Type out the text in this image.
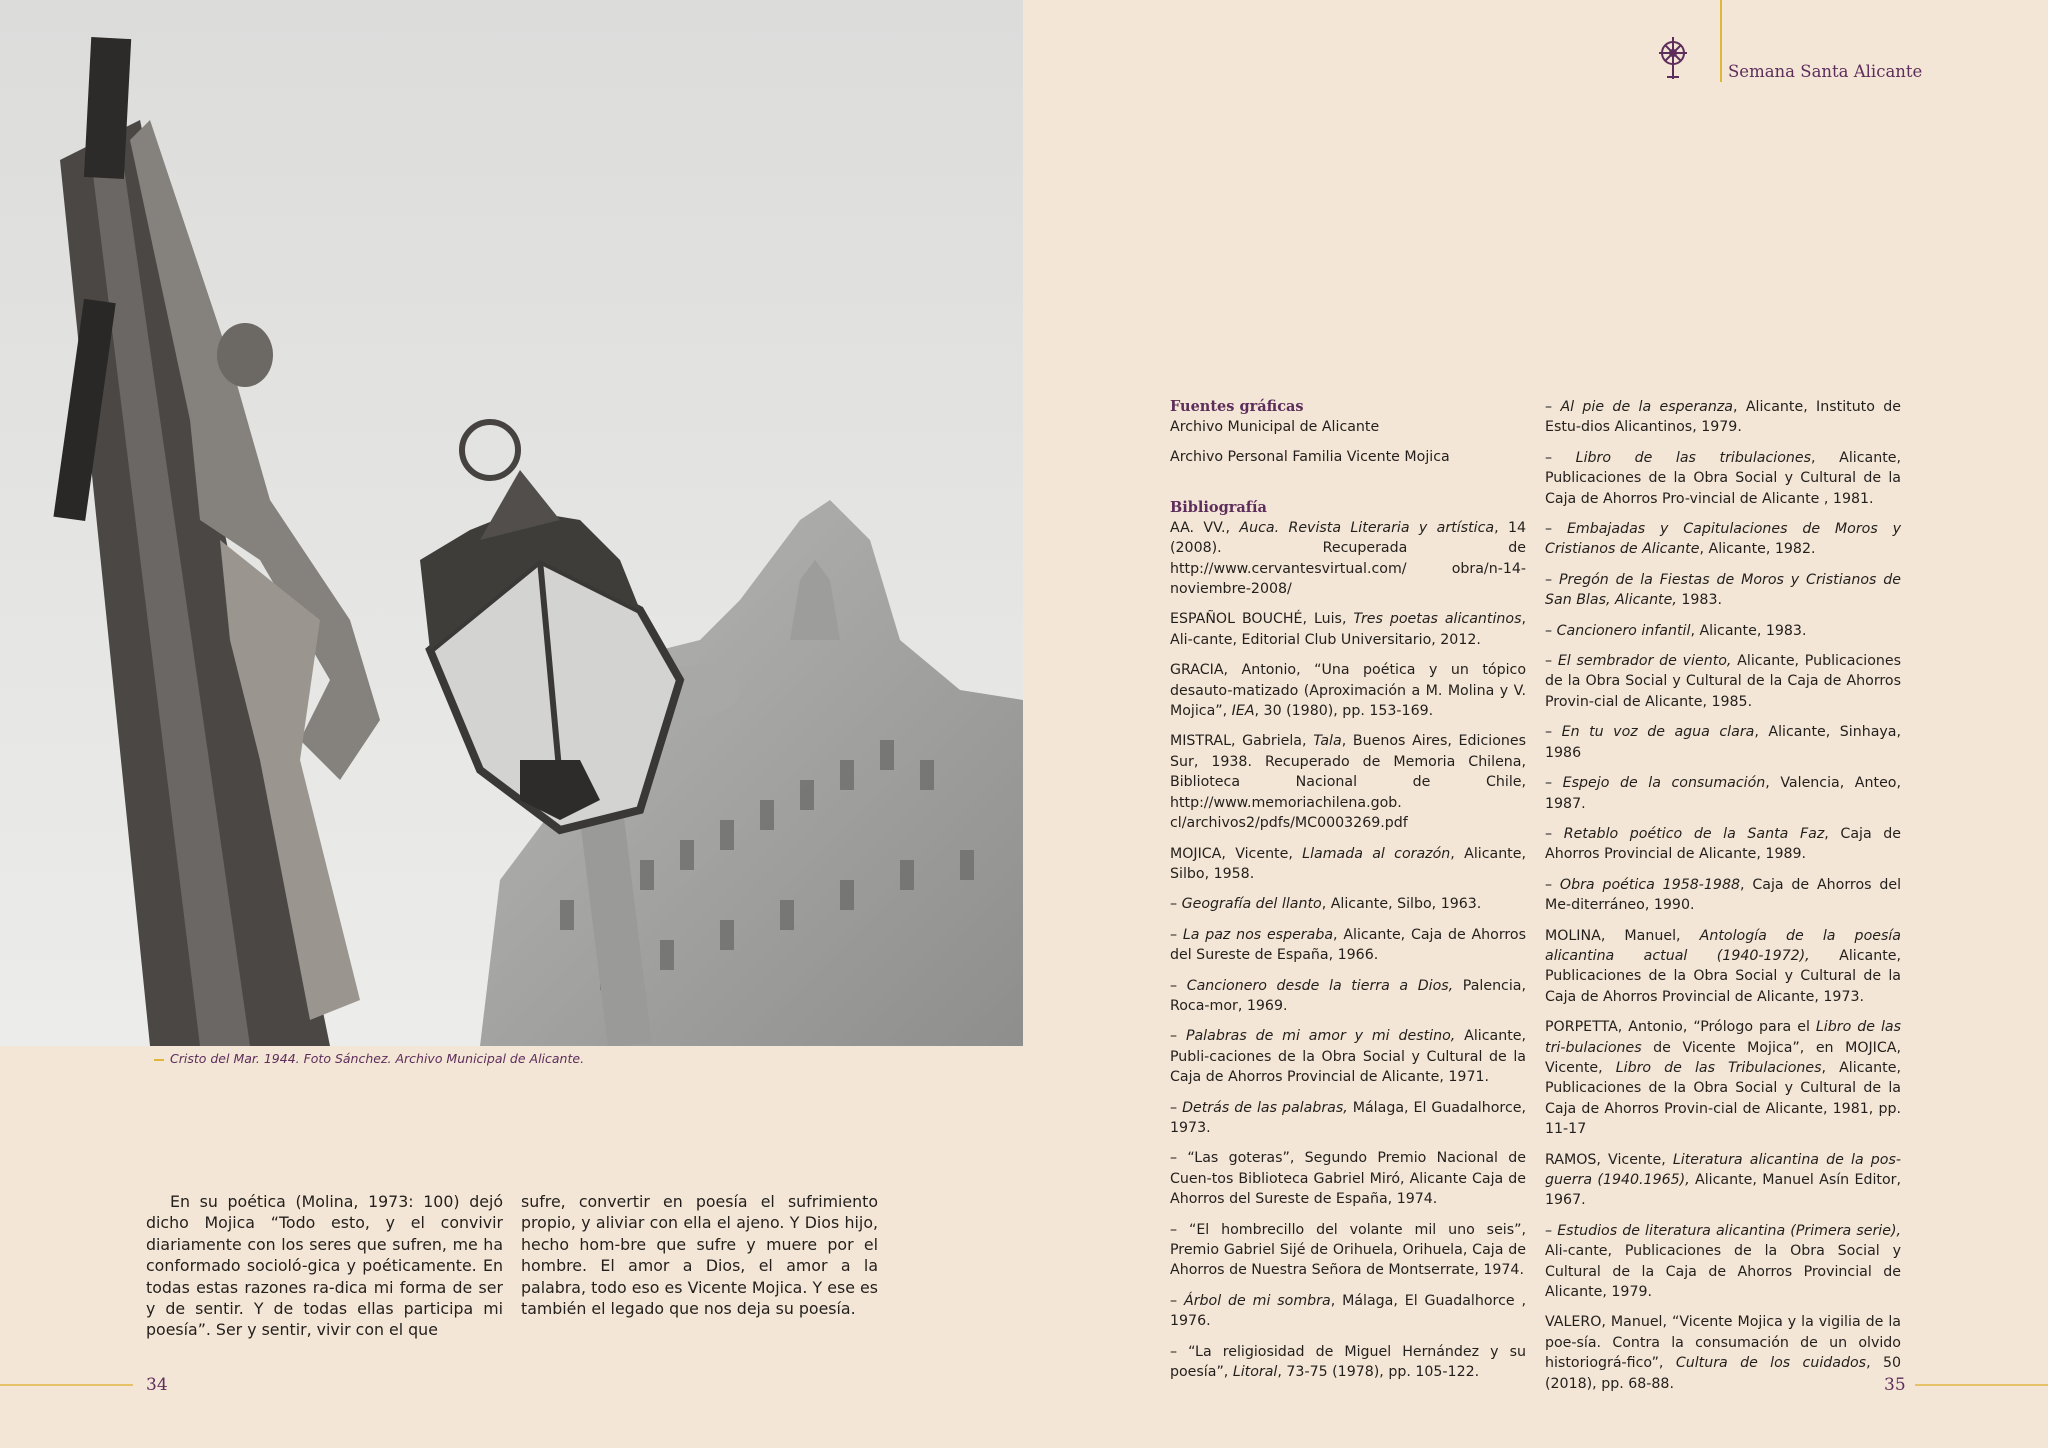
Cristo del Mar. 1944. Foto Sánchez. Archivo Municipal de Alicante.
En su poética (Molina, 1973: 100) dejó dicho Mojica “Todo esto, y el convivir diariamente con los seres que sufren, me ha conformado socioló-gica y poéticamente. En todas estas razones ra-dica mi forma de ser y de sentir. Y de todas ellas participa mi poesía”. Ser y sentir, vivir con el que
sufre, convertir en poesía el sufrimiento propio, y aliviar con ella el ajeno. Y Dios hijo, hecho hom-bre que sufre y muere por el hombre. El amor a Dios, el amor a la palabra, todo eso es Vicente Mojica. Y ese es también el legado que nos deja su poesía.
34
Semana Santa Alicante
Fuentes gráficas

Archivo Municipal de Alicante

Archivo Personal Familia Vicente Mojica

Bibliografía

AA. VV., Auca. Revista Literaria y artística, 14 (2008). Recuperada de http://www.cervantesvirtual.com/ obra/n-14-noviembre-2008/

ESPAÑOL BOUCHÉ, Luis, Tres poetas alicantinos, Ali-cante, Editorial Club Universitario, 2012.

GRACIA, Antonio, “Una poética y un tópico desauto-matizado (Aproximación a M. Molina y V. Mojica”, IEA, 30 (1980), pp. 153-169.

MISTRAL, Gabriela, Tala, Buenos Aires, Ediciones Sur, 1938. Recuperado de Memoria Chilena, Biblioteca Nacional de Chile, http://www.memoriachilena.gob. cl/archivos2/pdfs/MC0003269.pdf

MOJICA, Vicente, Llamada al corazón, Alicante, Silbo, 1958.

– Geografía del llanto, Alicante, Silbo, 1963.

– La paz nos esperaba, Alicante, Caja de Ahorros del Sureste de España, 1966.

– Cancionero desde la tierra a Dios, Palencia, Roca-mor, 1969.

– Palabras de mi amor y mi destino, Alicante, Publi-caciones de la Obra Social y Cultural de la Caja de Ahorros Provincial de Alicante, 1971.

– Detrás de las palabras, Málaga, El Guadalhorce, 1973.

– “Las goteras”, Segundo Premio Nacional de Cuen-tos Biblioteca Gabriel Miró, Alicante Caja de Ahorros del Sureste de España, 1974.

– “El hombrecillo del volante mil uno seis”, Premio Gabriel Sijé de Orihuela, Orihuela, Caja de Ahorros de Nuestra Señora de Montserrate, 1974.

– Árbol de mi sombra, Málaga, El Guadalhorce , 1976.

– “La religiosidad de Miguel Hernández y su poesía”, Litoral, 73-75 (1978), pp. 105-122.

– Al pie de la esperanza, Alicante, Instituto de Estu-dios Alicantinos, 1979.

– Libro de las tribulaciones, Alicante, Publicaciones de la Obra Social y Cultural de la Caja de Ahorros Pro-vincial de Alicante , 1981.

– Embajadas y Capitulaciones de Moros y Cristianos de Alicante, Alicante, 1982.

– Pregón de la Fiestas de Moros y Cristianos de San Blas, Alicante, 1983.

– Cancionero infantil, Alicante, 1983.

– El sembrador de viento, Alicante, Publicaciones de la Obra Social y Cultural de la Caja de Ahorros Provin-cial de Alicante, 1985.

– En tu voz de agua clara, Alicante, Sinhaya, 1986

– Espejo de la consumación, Valencia, Anteo, 1987.

– Retablo poético de la Santa Faz, Caja de Ahorros Provincial de Alicante, 1989.

– Obra poética 1958-1988, Caja de Ahorros del Me-diterráneo, 1990.

MOLINA, Manuel, Antología de la poesía alicantina actual (1940-1972), Alicante, Publicaciones de la Obra Social y Cultural de la Caja de Ahorros Provincial de Alicante, 1973.

PORPETTA, Antonio, “Prólogo para el Libro de las tri-bulaciones de Vicente Mojica”, en MOJICA, Vicente, Libro de las Tribulaciones, Alicante, Publicaciones de la Obra Social y Cultural de la Caja de Ahorros Provin-cial de Alicante, 1981, pp. 11-17

RAMOS, Vicente, Literatura alicantina de la pos-guerra (1940.1965), Alicante, Manuel Asín Editor, 1967.

– Estudios de literatura alicantina (Primera serie), Ali-cante, Publicaciones de la Obra Social y Cultural de la Caja de Ahorros Provincial de Alicante, 1979.

VALERO, Manuel, “Vicente Mojica y la vigilia de la poe-sía. Contra la consumación de un olvido historiográ-fico”, Cultura de los cuidados, 50 (2018), pp. 68-88.	35
